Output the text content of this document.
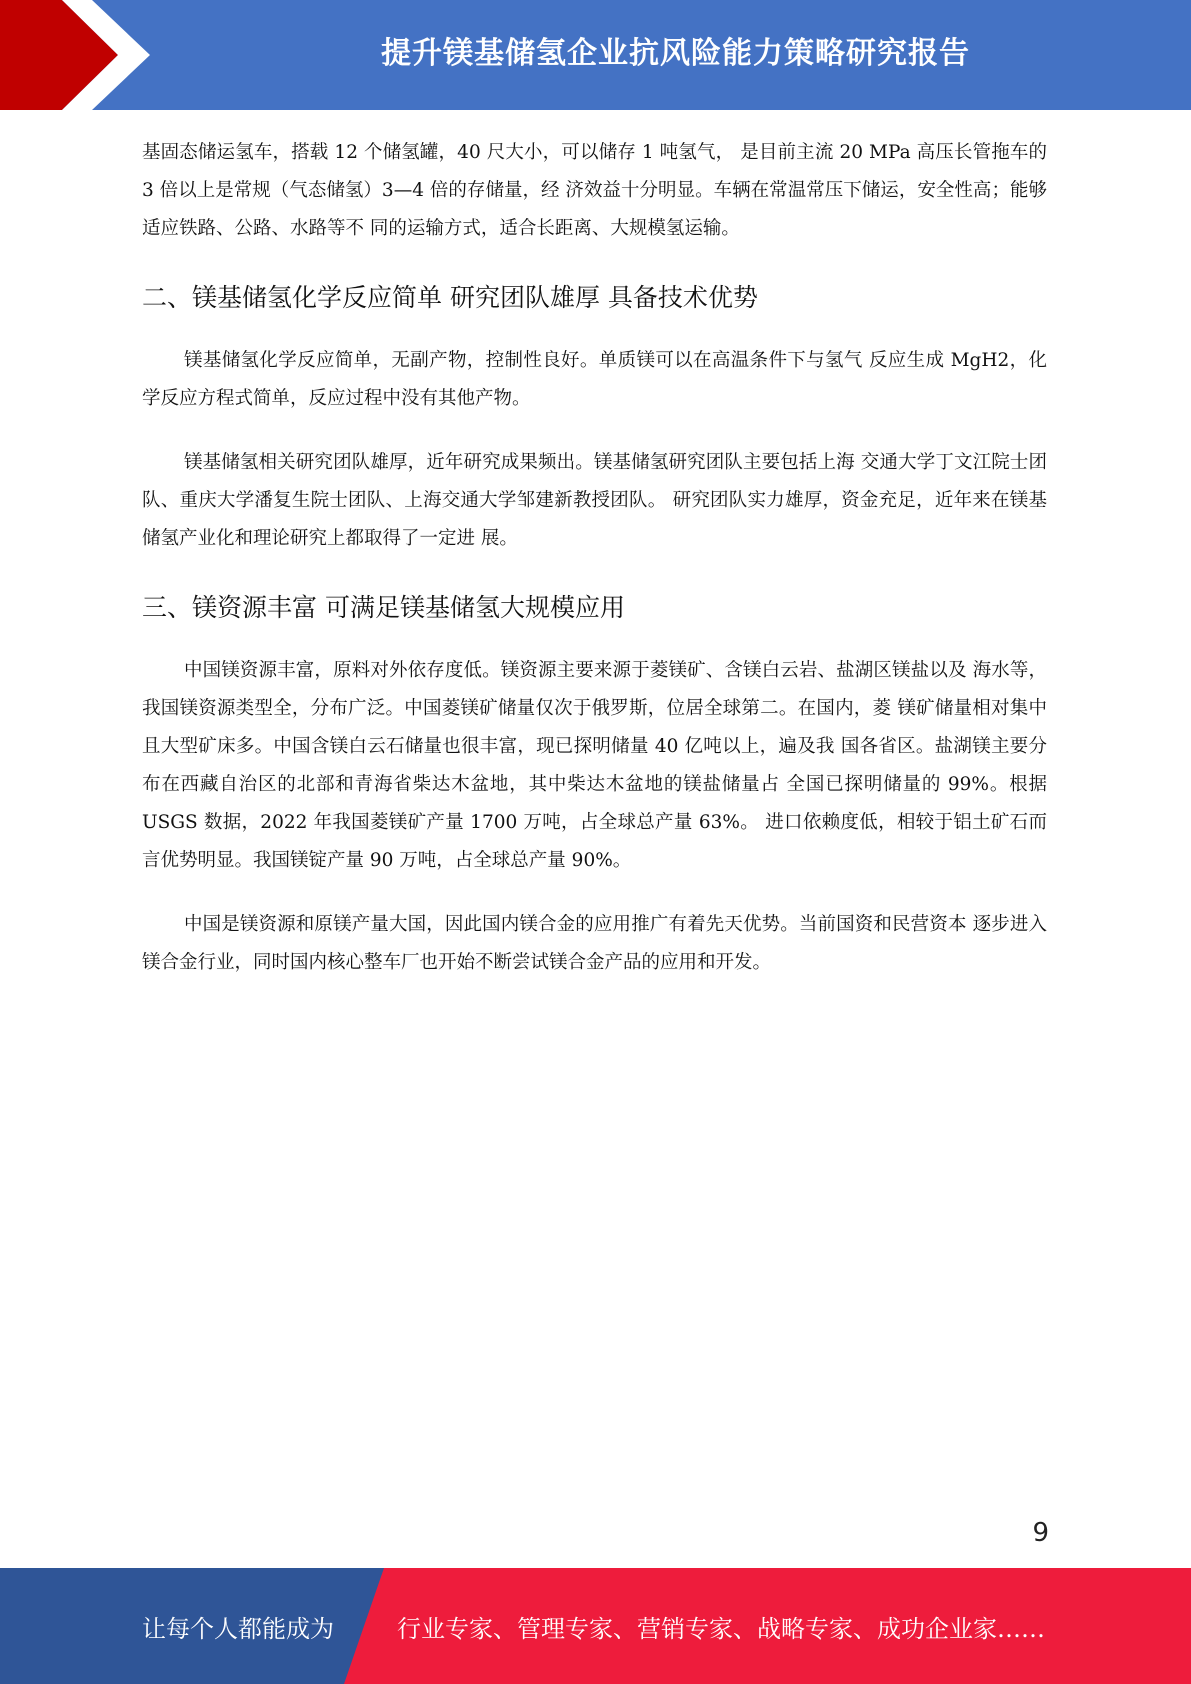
提升镁基储氢企业抗风险能力策略研究报告

基固态储运氢车，搭载 12 个储氢罐，40 尺大小，可以储存 1 吨氢气， 是目前主流 20 MPa 高压长管拖车的 3 倍以上是常规（气态储氢）3—4 倍的存储量，经 济效益十分明显。车辆在常温常压下储运，安全性高；能够适应铁路、公路、水路等不 同的运输方式，适合长距离、大规模氢运输。

二、镁基储氢化学反应简单 研究团队雄厚 具备技术优势

镁基储氢化学反应简单，无副产物，控制性良好。单质镁可以在高温条件下与氢气 反应生成 MgH2，化学反应方程式简单，反应过程中没有其他产物。

镁基储氢相关研究团队雄厚，近年研究成果频出。镁基储氢研究团队主要包括上海 交通大学丁文江院士团队、重庆大学潘复生院士团队、上海交通大学邹建新教授团队。 研究团队实力雄厚，资金充足，近年来在镁基储氢产业化和理论研究上都取得了一定进 展。

三、镁资源丰富 可满足镁基储氢大规模应用

中国镁资源丰富，原料对外依存度低。镁资源主要来源于菱镁矿、含镁白云岩、盐湖区镁盐以及 海水等，我国镁资源类型全，分布广泛。中国菱镁矿储量仅次于俄罗斯，位居全球第二。在国内，菱 镁矿储量相对集中且大型矿床多。中国含镁白云石储量也很丰富，现已探明储量 40 亿吨以上，遍及我 国各省区。盐湖镁主要分布在西藏自治区的北部和青海省柴达木盆地，其中柴达木盆地的镁盐储量占 全国已探明储量的 99%。根据 USGS 数据，2022 年我国菱镁矿产量 1700 万吨，占全球总产量 63%。 进口依赖度低，相较于铝土矿石而言优势明显。我国镁锭产量 90 万吨，占全球总产量 90%。

中国是镁资源和原镁产量大国，因此国内镁合金的应用推广有着先天优势。当前国资和民营资本 逐步进入镁合金行业，同时国内核心整车厂也开始不断尝试镁合金产品的应用和开发。

9
让每个人都能成为	行业专家、管理专家、营销专家、战略专家、成功企业家……
